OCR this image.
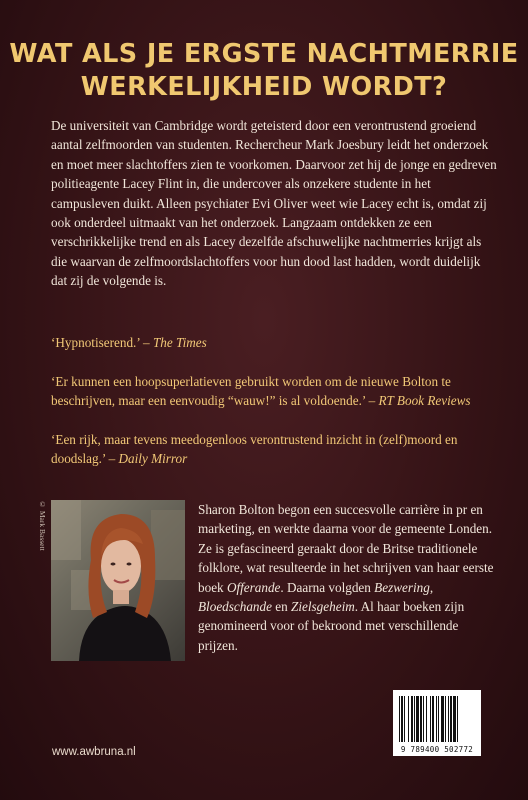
WAT ALS JE ERGSTE NACHTMERRIE
WERKELIJKHEID WORDT?

De universiteit van Cambridge wordt geteisterd door een verontrustend groeiend aantal zelfmoorden van studenten. Rechercheur Mark Joesbury leidt het onderzoek en moet meer slachtoffers zien te voorkomen. Daarvoor zet hij de jonge en gedreven politieagente Lacey Flint in, die undercover als onzekere studente in het campusleven duikt. Alleen psychiater Evi Oliver weet wie Lacey echt is, omdat zij ook onderdeel uitmaakt van het onderzoek. Langzaam ontdekken ze een verschrikkelijke trend en als Lacey dezelfde afschuwelijke nachtmerries krijgt als die waarvan de zelfmoordslachtoffers voor hun dood last hadden, wordt duidelijk dat zij de volgende is.

‘Hypnotiserend.’ – The Times

‘Er kunnen een hoopsuperlatieven gebruikt worden om de nieuwe Bolton te beschrijven, maar een eenvoudig “wauw!” is al voldoende.’ – RT Book Reviews

‘Een rijk, maar tevens meedogenloos verontrustend inzicht in (zelf)moord en doodslag.’ – Daily Mirror

© Mark Bassett	Sharon Bolton begon een succesvolle carrière in pr en marketing, en werkte daarna voor de gemeente Londen. Ze is gefascineerd geraakt door de Britse traditionele folklore, wat resulteerde in het schrijven van haar eerste boek Offerande. Daarna volgden Bezwering, Bloedschande en Zielsgeheim. Al haar boeken zijn genomineerd voor of bekroond met verschillende prijzen.

9 789400 502772
www.awbruna.nl
